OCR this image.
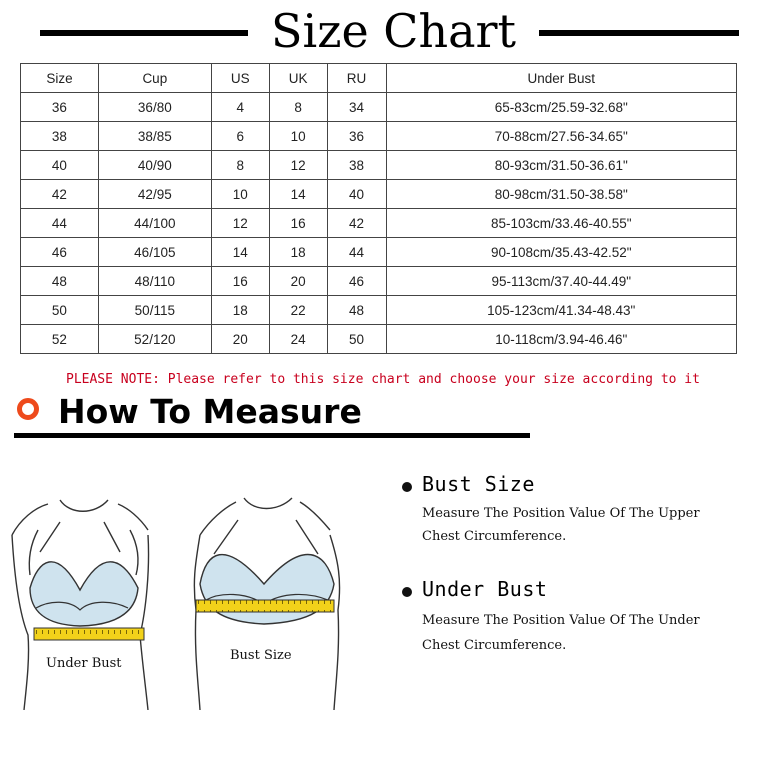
Size Chart
Size	Cup	US	UK	RU	Under Bust
36	36/80	4	8	34	65-83cm/25.59-32.68"
38	38/85	6	10	36	70-88cm/27.56-34.65"
40	40/90	8	12	38	80-93cm/31.50-36.61"
42	42/95	10	14	40	80-98cm/31.50-38.58"
44	44/100	12	16	42	85-103cm/33.46-40.55"
46	46/105	14	18	44	90-108cm/35.43-42.52"
48	48/110	16	20	46	95-113cm/37.40-44.49"
50	50/115	18	22	48	105-123cm/41.34-48.43"
52	52/120	20	24	50	10-118cm/3.94-46.46"
PLEASE NOTE: Please refer to this size chart and choose your size according to it
How To Measure
Under Bust
Bust Size
Bust Size

Measure The Position Value Of The Upper

Chest Circumference.

Under Bust

Measure The Position Value Of The Under

Chest Circumference.
